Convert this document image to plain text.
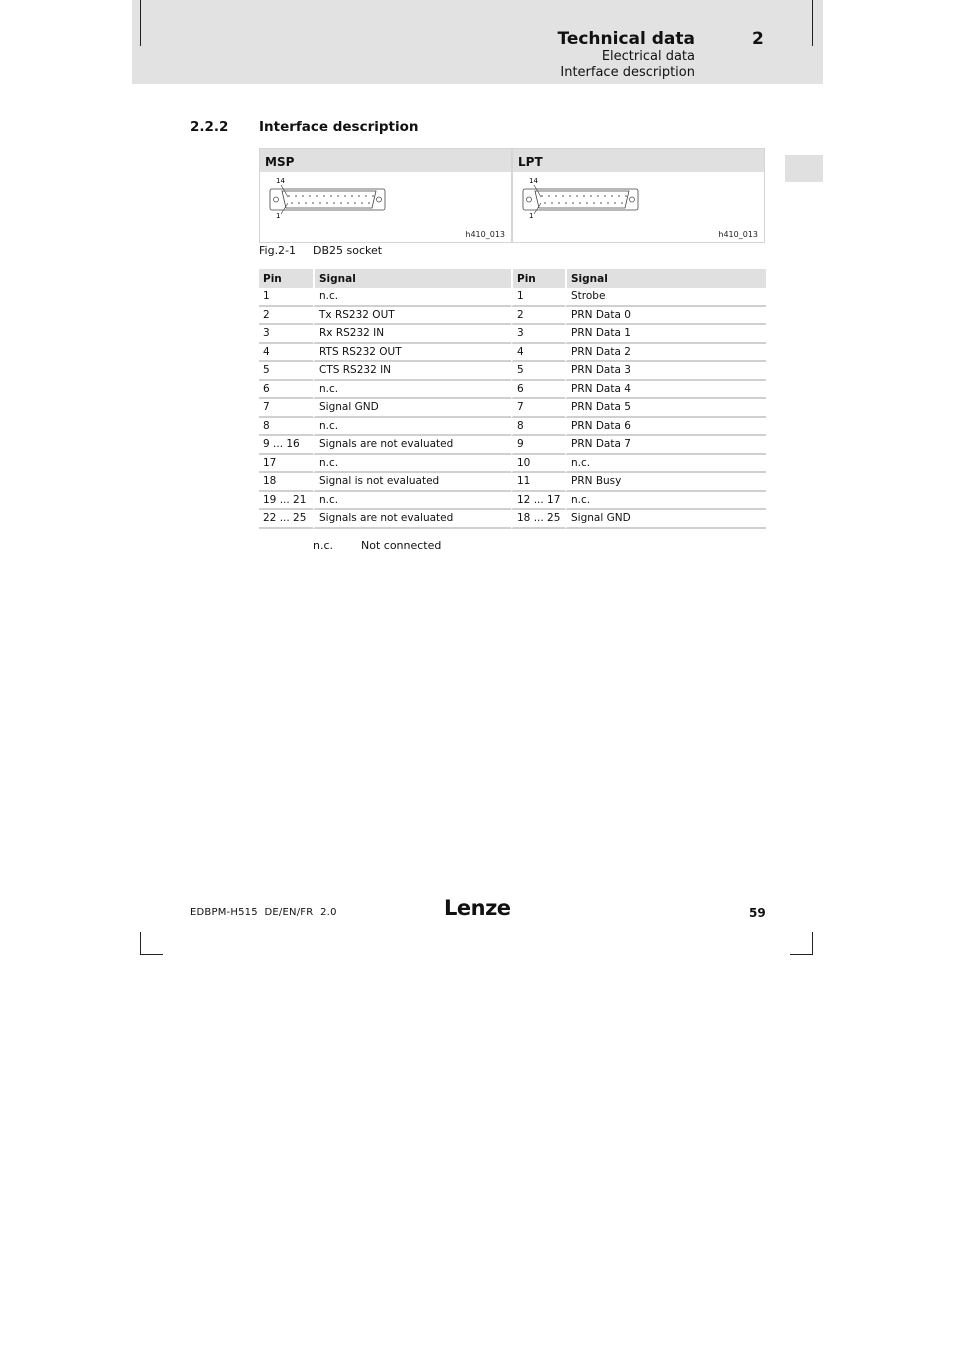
Technical data	2
Electrical data
Interface description
2.2.2 Interface description
MSP
14
1
h410_013
LPT
14
1
h410_013
Fig.2-1 DB25 socket
Pin	Signal	Pin	Signal
1	n.c.	1	Strobe
2	Tx RS232 OUT	2	PRN Data 0
3	Rx RS232 IN	3	PRN Data 1
4	RTS RS232 OUT	4	PRN Data 2
5	CTS RS232 IN	5	PRN Data 3
6	n.c.	6	PRN Data 4
7	Signal GND	7	PRN Data 5
8	n.c.	8	PRN Data 6
9 ... 16	Signals are not evaluated	9	PRN Data 7
17	n.c.	10	n.c.
18	Signal is not evaluated	11	PRN Busy
19 ... 21	n.c.	12 ... 17	n.c.
22 ... 25	Signals are not evaluated	18 ... 25	Signal GND
n.c.	Not connected
EDBPM-H515  DE/EN/FR  2.0	Lenze	59
